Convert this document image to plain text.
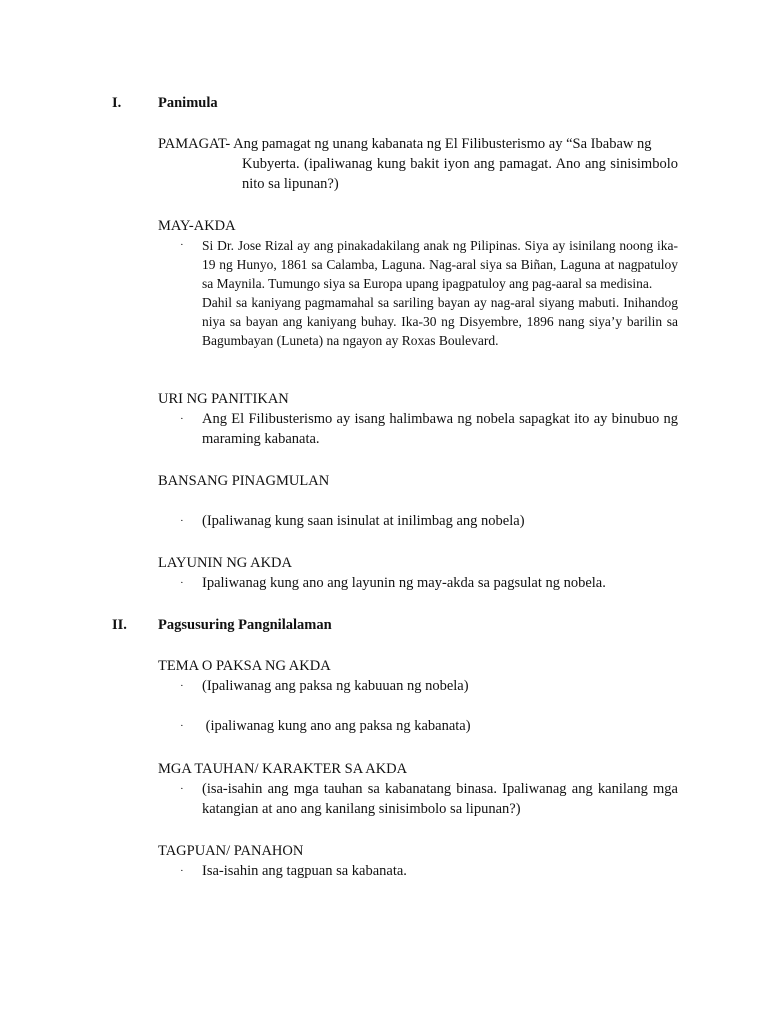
I.	Panimula
PAMAGAT- Ang pamagat ng unang kabanata ng El Filibusterismo ay “Sa Ibabaw ng
Kubyerta. (ipaliwanag kung bakit iyon ang pamagat. Ano ang sinisimbolo nito sa lipunan?)
MAY-AKDA
· Si Dr. Jose Rizal ay ang pinakadakilang anak ng Pilipinas. Siya ay isinilang noong ika- 19 ng Hunyo, 1861 sa Calamba, Laguna. Nag-aral siya sa Biñan, Laguna at nagpatuloy sa Maynila. Tumungo siya sa Europa upang ipagpatuloy ang pag-aaral sa medisina.
Dahil sa kaniyang pagmamahal sa sariling bayan ay nag-aral siyang mabuti. Inihandog niya sa bayan ang kaniyang buhay. Ika-30 ng Disyembre, 1896 nang siya’y barilin sa Bagumbayan (Luneta) na ngayon ay Roxas Boulevard.
URI NG PANITIKAN
· Ang El Filibusterismo ay isang halimbawa ng nobela sapagkat ito ay binubuo ng maraming kabanata.
BANSANG PINAGMULAN
· (Ipaliwanag kung saan isinulat at inilimbag ang nobela)
LAYUNIN NG AKDA
· Ipaliwanag kung ano ang layunin ng may-akda sa pagsulat ng nobela.
II. Pagsusuring Pangnilalaman
TEMA O PAKSA NG AKDA
· (Ipaliwanag ang paksa ng kabuuan ng nobela)
· (ipaliwanag kung ano ang paksa ng kabanata)
MGA TAUHAN/ KARAKTER SA AKDA
· (isa-isahin ang mga tauhan sa kabanatang binasa. Ipaliwanag ang kanilang mga katangian at ano ang kanilang sinisimbolo sa lipunan?)
TAGPUAN/ PANAHON
· Isa-isahin ang tagpuan sa kabanata.
